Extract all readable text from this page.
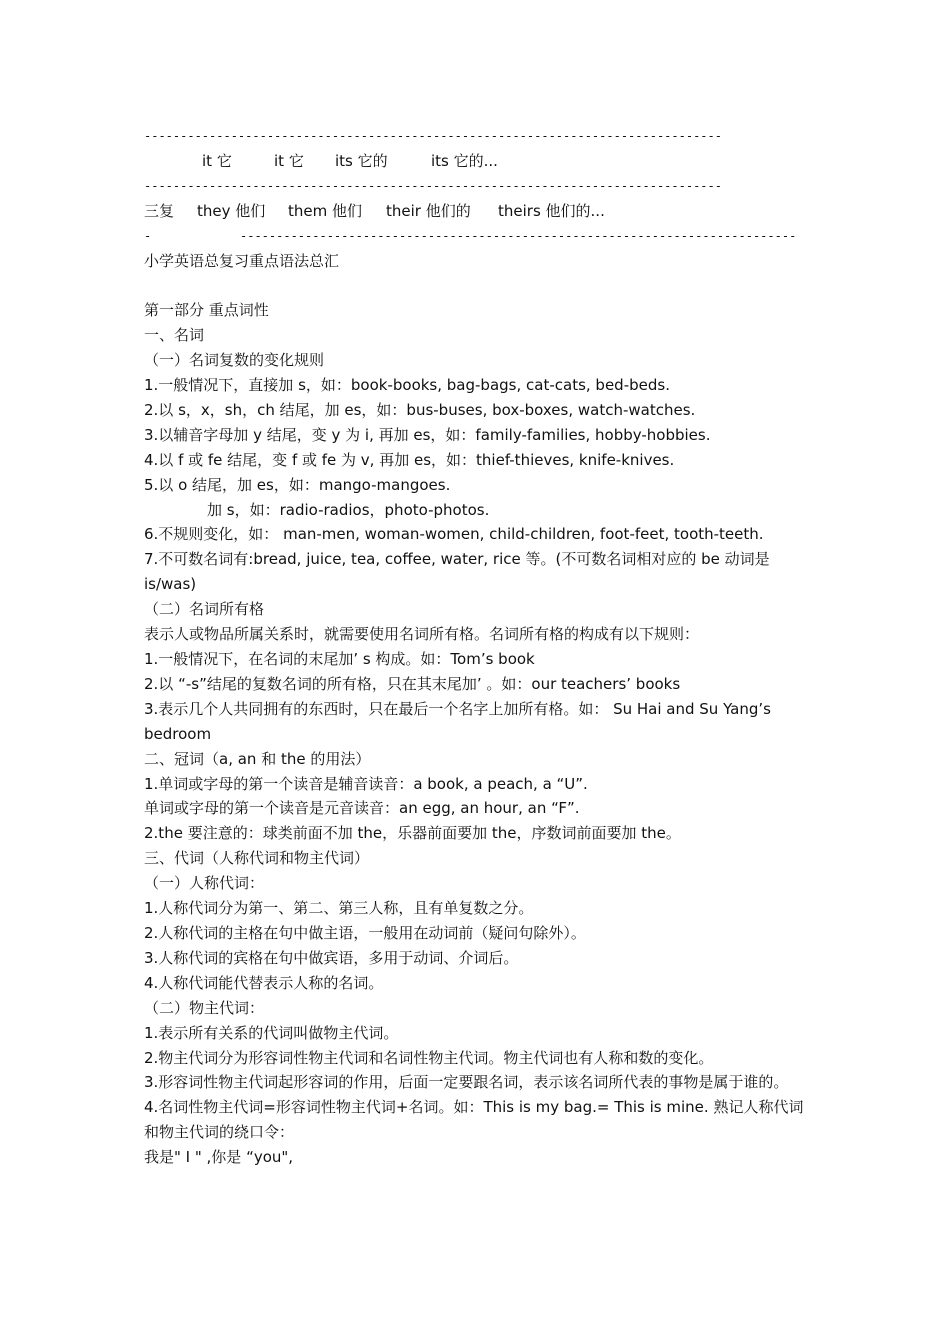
--------------------------------------------------------------------------------
it 它	it 它 its 它的	its 它的...
--------------------------------------------------------------------------------
三复 they 他们 them 他们 their 他们的 theirs 他们的...
-	-----------------------------------------------------------------------------
小学英语总复习重点语法总汇
第一部分 重点词性
一、名词
（一）名词复数的变化规则
1.一般情况下，直接加 s，如：book-books, bag-bags, cat-cats, bed-beds.
2.以 s，x，sh，ch 结尾，加 es，如：bus-buses, box-boxes, watch-watches.
3.以辅音字母加 y 结尾，变 y 为 i, 再加 es，如：family-families, hobby-hobbies.
4.以 f 或 fe 结尾，变 f 或 fe 为 v, 再加 es，如：thief-thieves, knife-knives.
5.以 o 结尾，加 es，如：mango-mangoes.
加 s，如：radio-radios，photo-photos.
6.不规则变化，如： man-men, woman-women, child-children, foot-feet, tooth-teeth.
7.不可数名词有:bread, juice, tea, coffee, water, rice 等。(不可数名词相对应的 be 动词是 is/was)
（二）名词所有格
表示人或物品所属关系时，就需要使用名词所有格。名词所有格的构成有以下规则：
1.一般情况下，在名词的末尾加’ s 构成。如：Tom’s book
2.以 “-s”结尾的复数名词的所有格，只在其末尾加’ 。如：our teachers’ books
3.表示几个人共同拥有的东西时，只在最后一个名字上加所有格。如： Su Hai and Su Yang’s bedroom
二、冠词（a, an 和 the 的用法）
1.单词或字母的第一个读音是辅音读音：a book, a peach, a “U”.
单词或字母的第一个读音是元音读音：an egg, an hour, an “F”.
2.the 要注意的：球类前面不加 the，乐器前面要加 the，序数词前面要加 the。
三、代词（人称代词和物主代词）
（一）人称代词：
1.人称代词分为第一、第二、第三人称，且有单复数之分。
2.人称代词的主格在句中做主语，一般用在动词前（疑问句除外）。
3.人称代词的宾格在句中做宾语，多用于动词、介词后。
4.人称代词能代替表示人称的名词。
（二）物主代词：
1.表示所有关系的代词叫做物主代词。
2.物主代词分为形容词性物主代词和名词性物主代词。物主代词也有人称和数的变化。
3.形容词性物主代词起形容词的作用，后面一定要跟名词，表示该名词所代表的事物是属于谁的。
4.名词性物主代词=形容词性物主代词+名词。如：This is my bag.= This is mine. 熟记人称代词和物主代词的绕口令：
我是" I " ,你是 “you",
